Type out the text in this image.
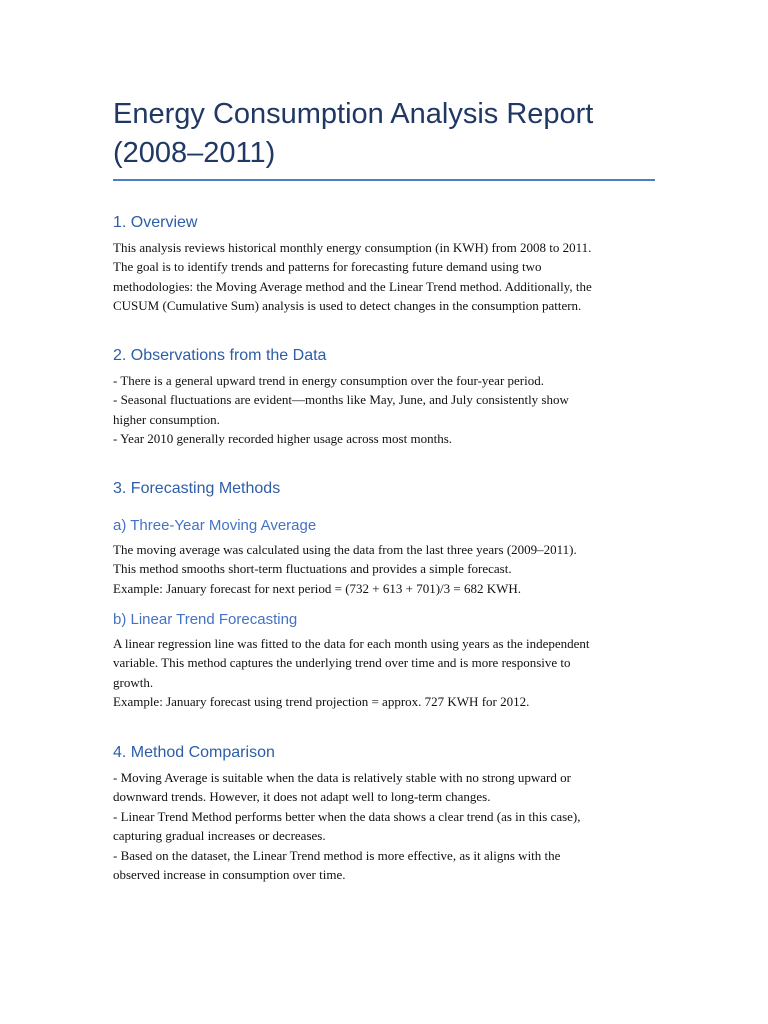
Energy Consumption Analysis Report (2008–2011)
1. Overview

This analysis reviews historical monthly energy consumption (in KWH) from 2008 to 2011.

The goal is to identify trends and patterns for forecasting future demand using two

methodologies: the Moving Average method and the Linear Trend method. Additionally, the

CUSUM (Cumulative Sum) analysis is used to detect changes in the consumption pattern.

2. Observations from the Data

- There is a general upward trend in energy consumption over the four-year period.

- Seasonal fluctuations are evident—months like May, June, and July consistently show

higher consumption.

- Year 2010 generally recorded higher usage across most months.

3. Forecasting Methods
a) Three-Year Moving Average

The moving average was calculated using the data from the last three years (2009–2011).

This method smooths short-term fluctuations and provides a simple forecast.

Example: January forecast for next period = (732 + 613 + 701)/3 = 682 KWH.

b) Linear Trend Forecasting

A linear regression line was fitted to the data for each month using years as the independent

variable. This method captures the underlying trend over time and is more responsive to

growth.

Example: January forecast using trend projection = approx. 727 KWH for 2012.

4. Method Comparison

- Moving Average is suitable when the data is relatively stable with no strong upward or

downward trends. However, it does not adapt well to long-term changes.

- Linear Trend Method performs better when the data shows a clear trend (as in this case),

capturing gradual increases or decreases.

- Based on the dataset, the Linear Trend method is more effective, as it aligns with the

observed increase in consumption over time.
